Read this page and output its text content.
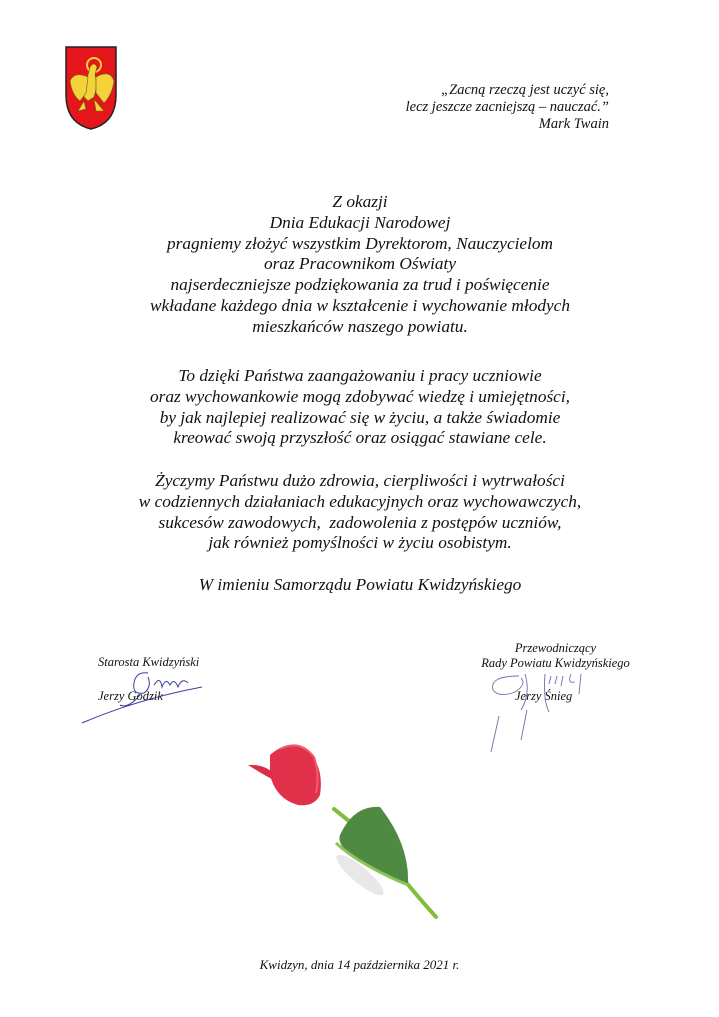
„Zacną rzeczą jest uczyć się,
lecz jeszcze zacniejszą – nauczać.”
Mark Twain
Z okazji
Dnia Edukacji Narodowej
pragniemy złożyć wszystkim Dyrektorom, Nauczycielom
oraz Pracownikom Oświaty
najserdeczniejsze podziękowania za trud i poświęcenie
wkładane każdego dnia w kształcenie i wychowanie młodych
mieszkańców naszego powiatu.
To dzięki Państwa zaangażowaniu i pracy uczniowie
oraz wychowankowie mogą zdobywać wiedzę i umiejętności,
by jak najlepiej realizować się w życiu, a także świadomie
kreować swoją przyszłość oraz osiągać stawiane cele.
Życzymy Państwu dużo zdrowia, cierpliwości i wytrwałości
w codziennych działaniach edukacyjnych oraz wychowawczych,
sukcesów zawodowych,  zadowolenia z postępów uczniów,
jak również pomyślności w życiu osobistym.
W imieniu Samorządu Powiatu Kwidzyńskiego
Starosta Kwidzyński
Jerzy Godzik
Przewodniczący
Rady Powiatu Kwidzyńskiego
Jerzy Śnieg
Kwidzyn, dnia 14 października 2021 r.
